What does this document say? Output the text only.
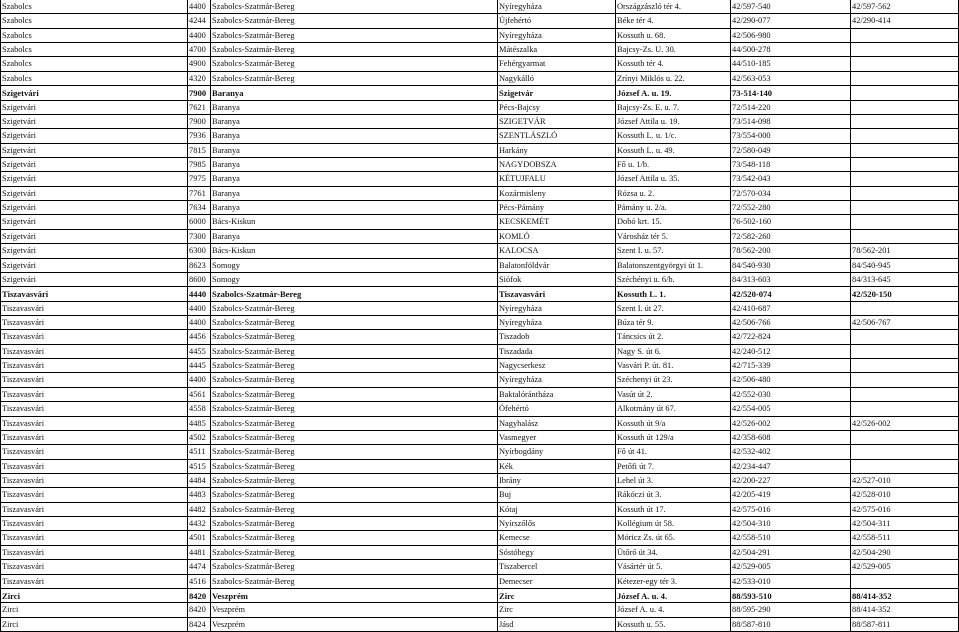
Szabolcs	4400 Szabolcs-Szatmár-Bereg	Nyíregyháza	Országzászló tér 4.	42/597-540	42/597-562
Szabolcs	4244 Szabolcs-Szatmár-Bereg	Újfehértó	Béke tér 4.	42/290-077	42/290-414
Szabolcs	4400 Szabolcs-Szatmár-Bereg	Nyíregyháza	Kossuth u. 68.	42/506-980
Szabolcs	4700 Szabolcs-Szatmár-Bereg	Mátészalka	Bajcsy-Zs. U. 30.	44/500-278
Szabolcs	4900 Szabolcs-Szatmár-Bereg	Fehérgyarmat	Kossuth tér 4.	44/510-185
Szabolcs	4320 Szabolcs-Szatmár-Bereg	Nagykálló	Zrínyi Miklós u. 22.	42/563-053
Szigetvári	7900 Baranya	Szigetvár	József A. u. 19.	73-514-140
Szigetvári	7621 Baranya	Pécs-Bajcsy	Bajcsy-Zs. E. u. 7.	72/514-220
Szigetvári	7900 Baranya	SZIGETVÁR	József Attila u. 19.	73/514-098
Szigetvári	7936 Baranya	SZENTLÁSZLÓ	Kossuth L. u. 1/c.	73/554-000
Szigetvári	7815 Baranya	Harkány	Kossuth L. u. 49.	72/580-049
Szigetvári	7985 Baranya	NAGYDOBSZA	Fő u. 1/b.	73/548-118
Szigetvári	7975 Baranya	KÉTUJFALU	József Attila u. 35.	73/542-043
Szigetvári	7761 Baranya	Kozármisleny	Rózsa u. 2.	72/570-034
Szigetvári	7634 Baranya	Pécs-Pámány	Pámány u. 2/a.	72/552-280
Szigetvári	6000 Bács-Kiskun	KECSKEMÉT	Dobó krt. 15.	76-502-160
Szigetvári	7300 Baranya	KOMLÓ	Városház tér 5.	72/582-260
Szigetvári	6300 Bács-Kiskun	KALOCSA	Szent I. u. 57.	78/562-200	78/562-201
Szigetvári	8623 Somogy	Balatonföldvár	Balatonszentgyörgyi út 1.	84/540-930	84/540-945
Szigetvári	8600 Somogy	Siófok	Széchényi u. 6/b.	84/313-603	84/313-645
Tiszavasvári	4440 Szabolcs-Szatmár-Bereg	Tiszavasvári	Kossuth L. 1.	42/520-074	42/520-150
Tiszavasvári	4400 Szabolcs-Szatmár-Bereg	Nyíregyháza	Szent I. út 27.	42/410-687
Tiszavasvári	4400 Szabolcs-Szatmár-Bereg	Nyíregyháza	Búza tér 9.	42/506-766	42/506-767
Tiszavasvári	4456 Szabolcs-Szatmár-Bereg	Tiszadob	Táncsics út 2.	42/722-824
Tiszavasvári	4455 Szabolcs-Szatmár-Bereg	Tiszadada	Nagy S. út 6.	42/240-512
Tiszavasvári	4445 Szabolcs-Szatmár-Bereg	Nagycserkesz	Vasvári P. út. 81.	42/715-339
Tiszavasvári	4400 Szabolcs-Szatmár-Bereg	Nyíregyháza	Széchenyi út 23.	42/506-480
Tiszavasvári	4561 Szabolcs-Szatmár-Bereg	Baktalórántháza	Vasút út 2.	42/552-030
Tiszavasvári	4558 Szabolcs-Szatmár-Bereg	Ófehértó	Alkotmány út 67.	42/554-005
Tiszavasvári	4485 Szabolcs-Szatmár-Bereg	Nagyhalász	Kossuth út 9/a	42/526-002	42/526-002
Tiszavasvári	4502 Szabolcs-Szatmár-Bereg	Vasmegyer	Kossuth út 129/a	42/358-608
Tiszavasvári	4511 Szabolcs-Szatmár-Bereg	Nyírbogdány	Fő út 41.	42/532-402
Tiszavasvári	4515 Szabolcs-Szatmár-Bereg	Kék	Petőfi út 7.	42/234-447
Tiszavasvári	4484 Szabolcs-Szatmár-Bereg	Ibrány	Lehel út 3.	42/200-227	42/527-010
Tiszavasvári	4483 Szabolcs-Szatmár-Bereg	Buj	Rákóczi út 3.	42/205-419	42/528-010
Tiszavasvári	4482 Szabolcs-Szatmár-Bereg	Kótaj	Kossuth út 17.	42/575-016	42/575-016
Tiszavasvári	4432 Szabolcs-Szatmár-Bereg	Nyírszőlős	Kollégium út 58.	42/504-310	42/504-311
Tiszavasvári	4501 Szabolcs-Szatmár-Bereg	Kemecse	Móricz Zs. út 65.	42/558-510	42/558-511
Tiszavasvári	4481 Szabolcs-Szatmár-Bereg	Sóstóhegy	Ütőrő út 34.	42/504-291	42/504-290
Tiszavasvári	4474 Szabolcs-Szatmár-Bereg	Tiszabercel	Vásártér út 5.	42/529-005	42/529-005
Tiszavasvári	4516 Szabolcs-Szatmár-Bereg	Demecser	Kétezer-egy tér 3.	42/533-010
Zirci	8420 Veszprém	Zirc	József A. u. 4.	88/593-510	88/414-352
Zirci	8420 Veszprém	Zirc	József A. u. 4.	88/595-290	88/414-352
Zirci	8424 Veszprém	Jásd	Kossuth u. 55.	88/587-810	88/587-811
